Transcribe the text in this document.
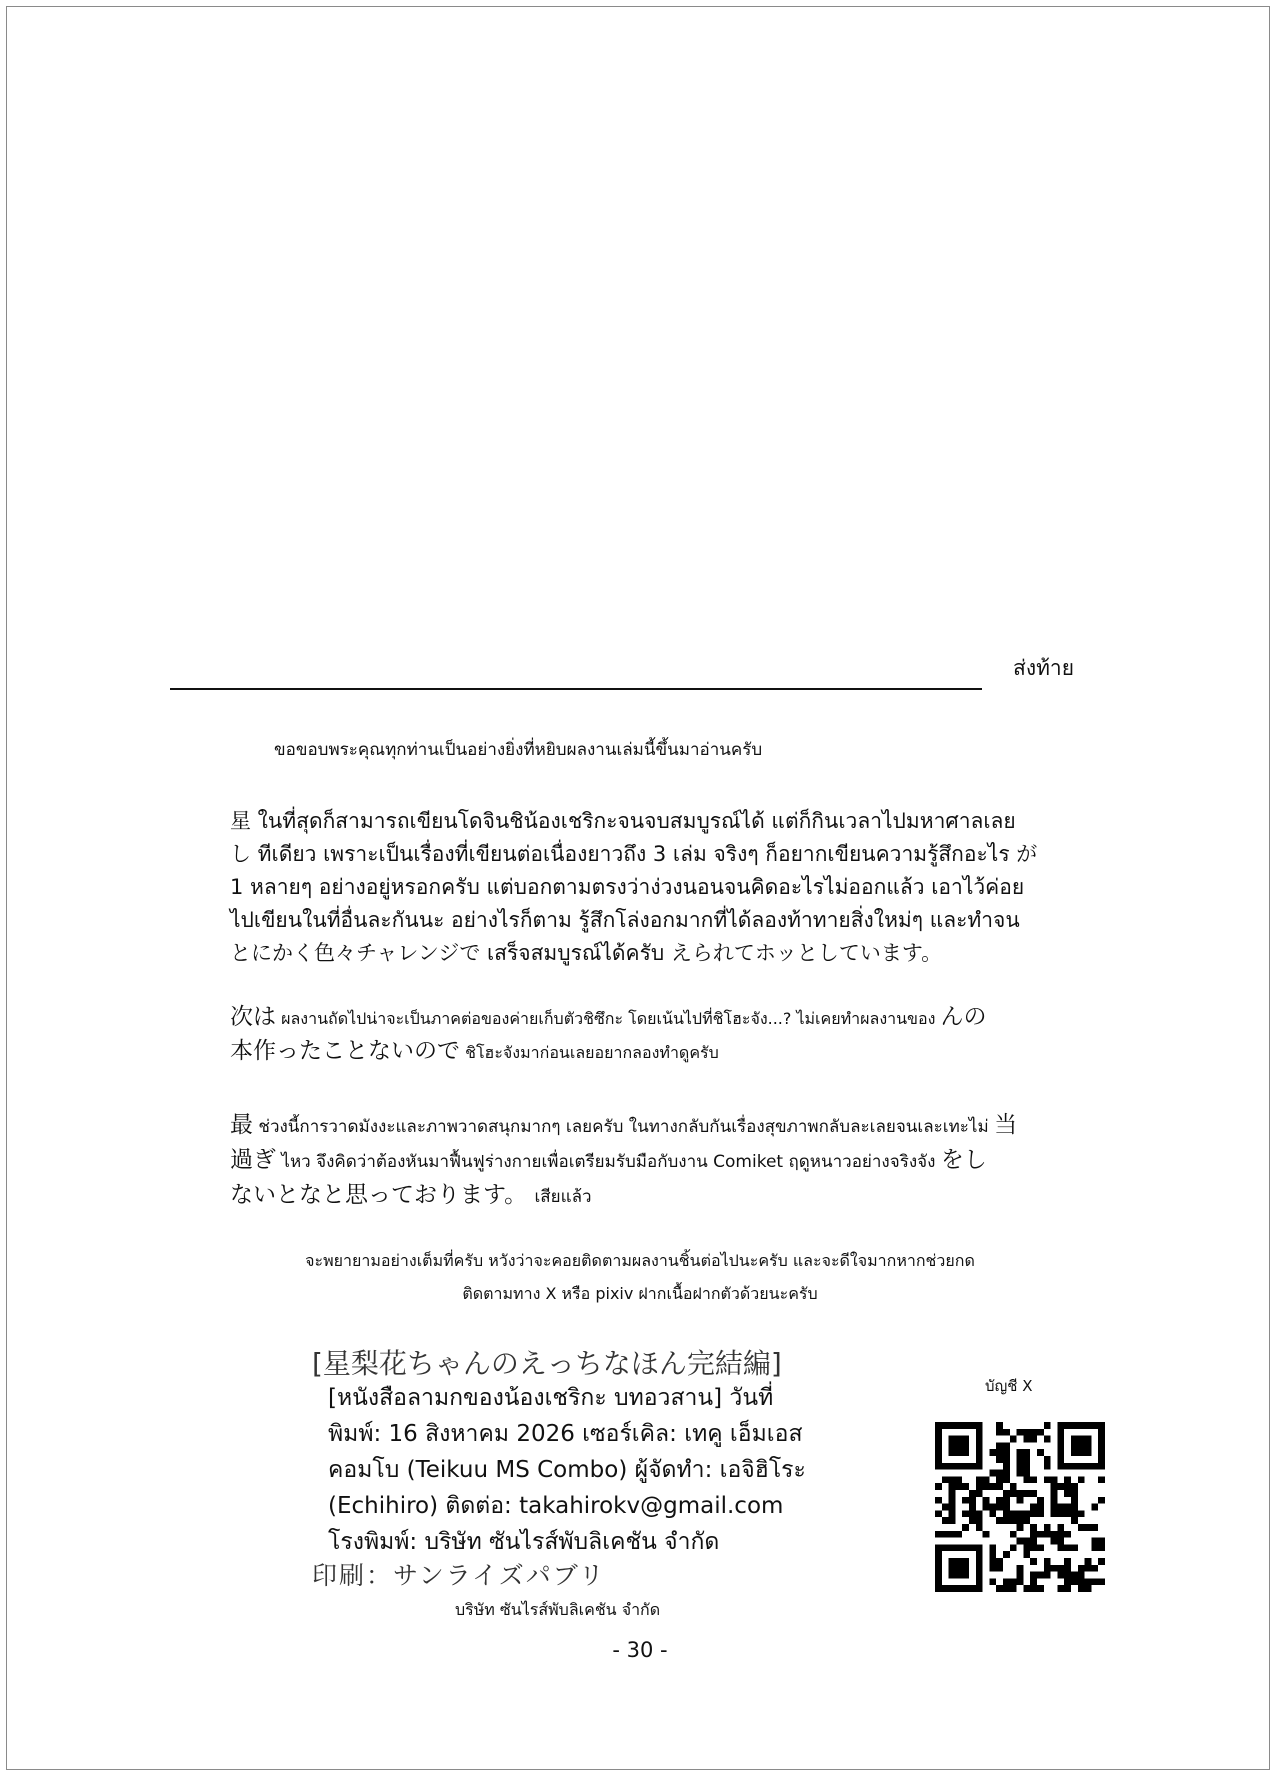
ส่งท้าย
ขอขอบพระคุณทุกท่านเป็นอย่างยิ่งที่หยิบผลงานเล่มนี้ขึ้นมาอ่านครับ
星 ในที่สุดก็สามารถเขียนโดจินชิน้องเชริกะจนจบสมบูรณ์ได้ แต่ก็กินเวลาไปมหาศาลเลย
し ทีเดียว เพราะเป็นเรื่องที่เขียนต่อเนื่องยาวถึง 3 เล่ม จริงๆ ก็อยากเขียนความรู้สึกอะไร が
1 หลายๆ อย่างอยู่หรอกครับ แต่บอกตามตรงว่าง่วงนอนจนคิดอะไรไม่ออกแล้ว เอาไว้ค่อย
ไปเขียนในที่อื่นละกันนะ อย่างไรก็ตาม รู้สึกโล่งอกมากที่ได้ลองท้าทายสิ่งใหม่ๆ และทำจน
とにかく色々チャレンジで เสร็จสมบูรณ์ได้ครับ えられてホッとしています。
次は ผลงานถัดไปน่าจะเป็นภาคต่อของค่ายเก็บตัวชิซึกะ โดยเน้นไปที่ชิโฮะจัง...? ไม่เคยทำผลงานของ んの
本作ったことないので ชิโฮะจังมาก่อนเลยอยากลองทำดูครับ
最 ช่วงนี้การวาดมังงะและภาพวาดสนุกมากๆ เลยครับ ในทางกลับกันเรื่องสุขภาพกลับละเลยจนเละเทะไม่ 当
過ぎ ไหว จึงคิดว่าต้องหันมาฟื้นฟูร่างกายเพื่อเตรียมรับมือกับงาน Comiket ฤดูหนาวอย่างจริงจัง をし
ないとなと思っております。 เสียแล้ว
จะพยายามอย่างเต็มที่ครับ หวังว่าจะคอยติดตามผลงานชิ้นต่อไปนะครับ และจะดีใจมากหากช่วยกด
ติดตามทาง X หรือ pixiv ฝากเนื้อฝากตัวด้วยนะครับ
[星梨花ちゃんのえっちなほん完結編]
[หนังสือลามกของน้องเชริกะ บทอวสาน] วันที่
พิมพ์: 16 สิงหาคม 2026 เซอร์เคิล: เทคู เอ็มเอส
คอมโบ (Teikuu MS Combo) ผู้จัดทำ: เอจิฮิโระ
(Echihiro) ติดต่อ: takahirokv@gmail.com
โรงพิมพ์: บริษัท ซันไรส์พับลิเคชัน จำกัด
印刷：サンライズパブリ
บริษัท ซันไรส์พับลิเคชัน จำกัด
บัญชี X
- 30 -
